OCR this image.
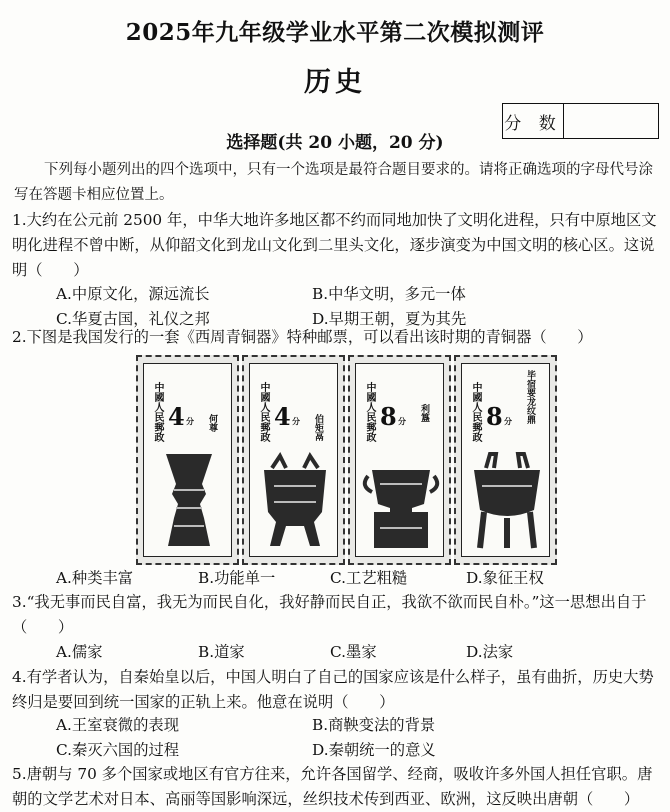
2025年九年级学业水平第二次模拟测评
历史
分 数
选择题(共 20 小题，20 分)
下列每小题列出的四个选项中，只有一个选项是最符合题目要求的。请将正确选项的字母代号涂写在答题卡相应位置上。
1.大约在公元前 2500 年，中华大地许多地区都不约而同地加快了文明化进程，只有中原地区文明化进程不曾中断，从仰韶文化到龙山文化到二里头文化，逐步演变为中国文明的核心区。这说明（　　）
A.中原文化，源远流长	B.中华文明，多元一体
C.华夏古国，礼仪之邦	D.早期王朝，夏为其先
2.下图是我国发行的一套《西周青铜器》特种邮票，可以看出该时期的青铜器（　　）
中國人民郵政 4 分 何尊	中國人民郵政 4 分 伯矩鬲	中國人民郵政 8 分 利簋	中國人民郵政 8 分 毕宿要龙纹鼎
A.种类丰富	B.功能单一	C.工艺粗糙	D.象征王权
3.“我无事而民自富，我无为而民自化，我好静而民自正，我欲不欲而民自朴。”这一思想出自于（　　）
A.儒家	B.道家	C.墨家	D.法家
4.有学者认为，自秦始皇以后，中国人明白了自己的国家应该是什么样子，虽有曲折，历史大势终归是要回到统一国家的正轨上来。他意在说明（　　）
A.王室衰微的表现	B.商鞅变法的背景
C.秦灭六国的过程	D.秦朝统一的意义
5.唐朝与 70 多个国家或地区有官方往来，允许各国留学、经商，吸收许多外国人担任官职。唐朝的文学艺术对日本、高丽等国影响深远，丝织技术传到西亚、欧洲，这反映出唐朝（　　）
